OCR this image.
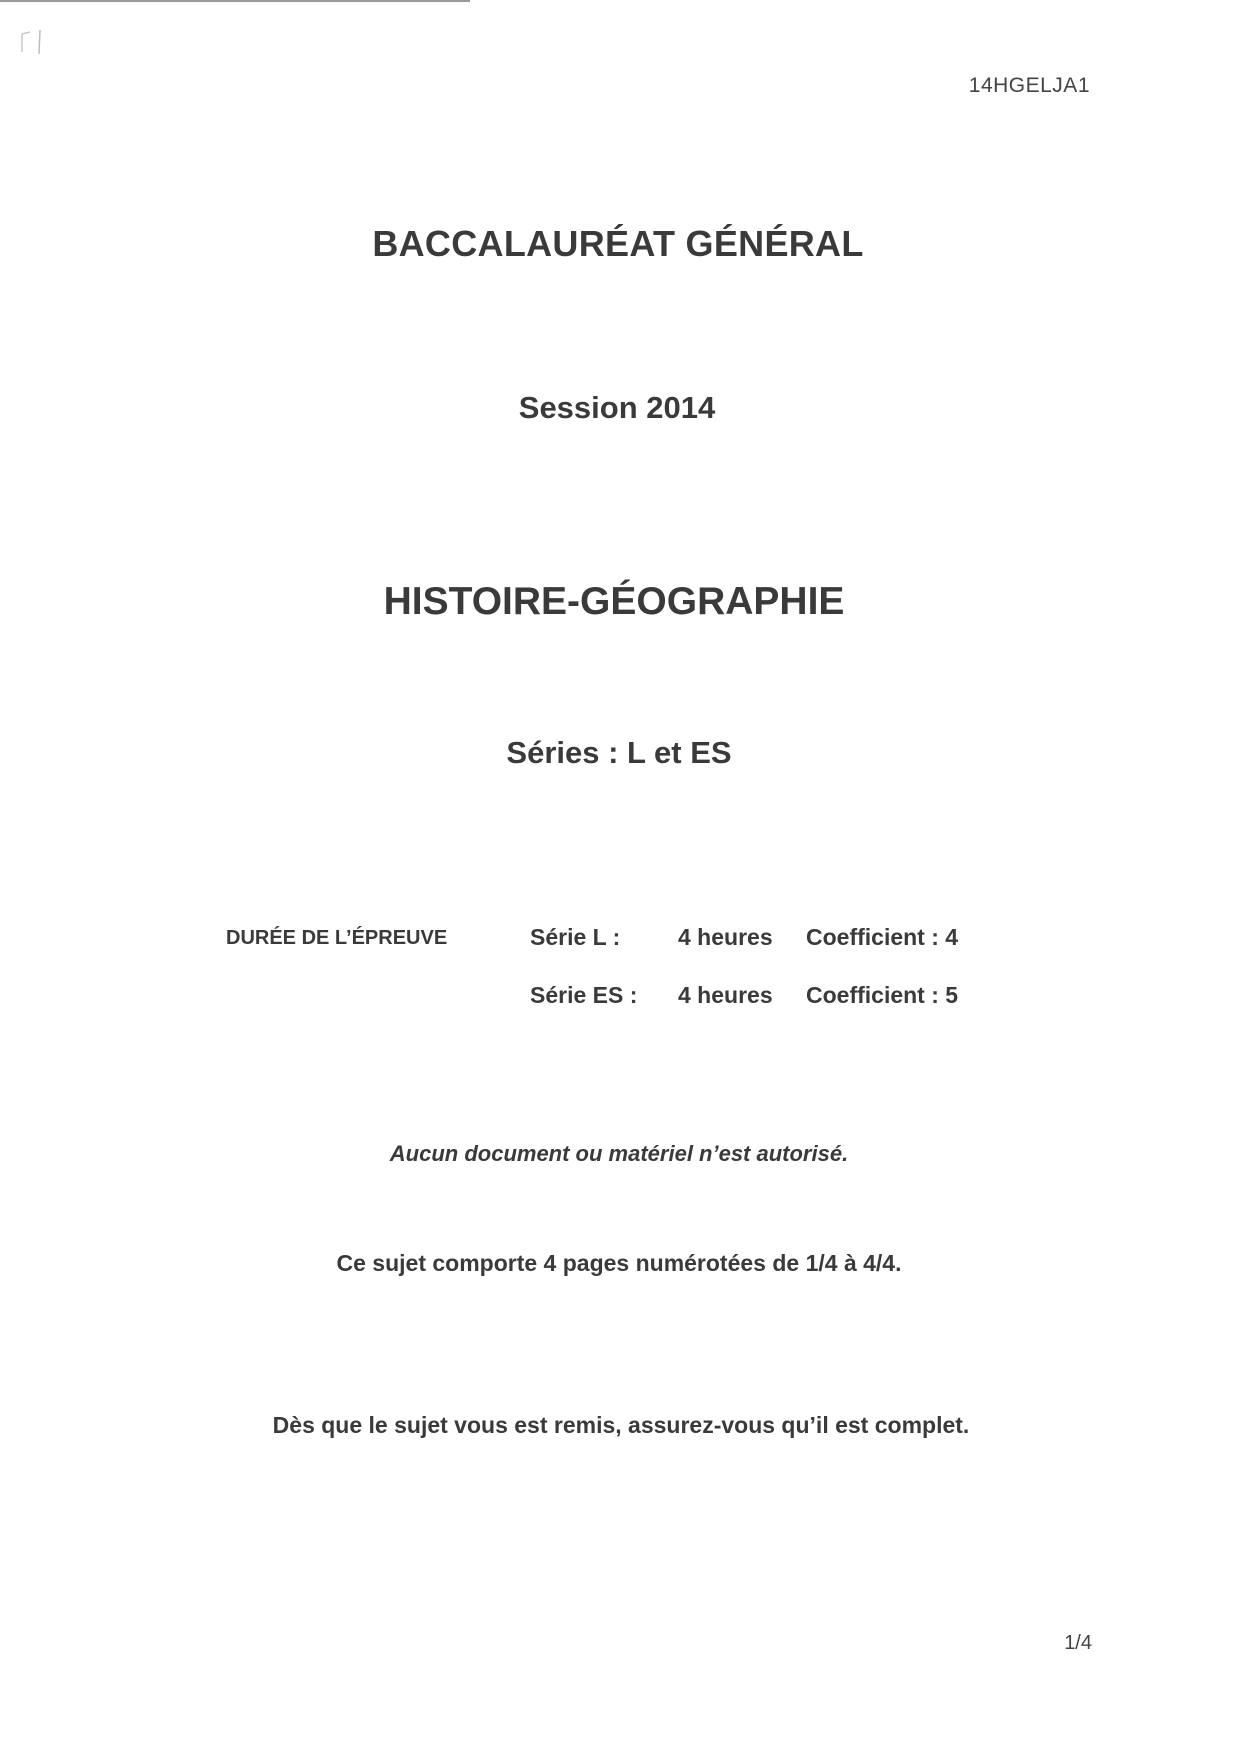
14HGELJA1
BACCALAURÉAT GÉNÉRAL
Session 2014
HISTOIRE-GÉOGRAPHIE
Séries : L et ES
DURÉE DE L’ÉPREUVE	Série L :	4 heures Coefficient : 4
Série ES : 4 heures Coefficient : 5
Aucun document ou matériel n’est autorisé.
Ce sujet comporte 4 pages numérotées de 1/4 à 4/4.
Dès que le sujet vous est remis, assurez-vous qu’il est complet.
1/4
